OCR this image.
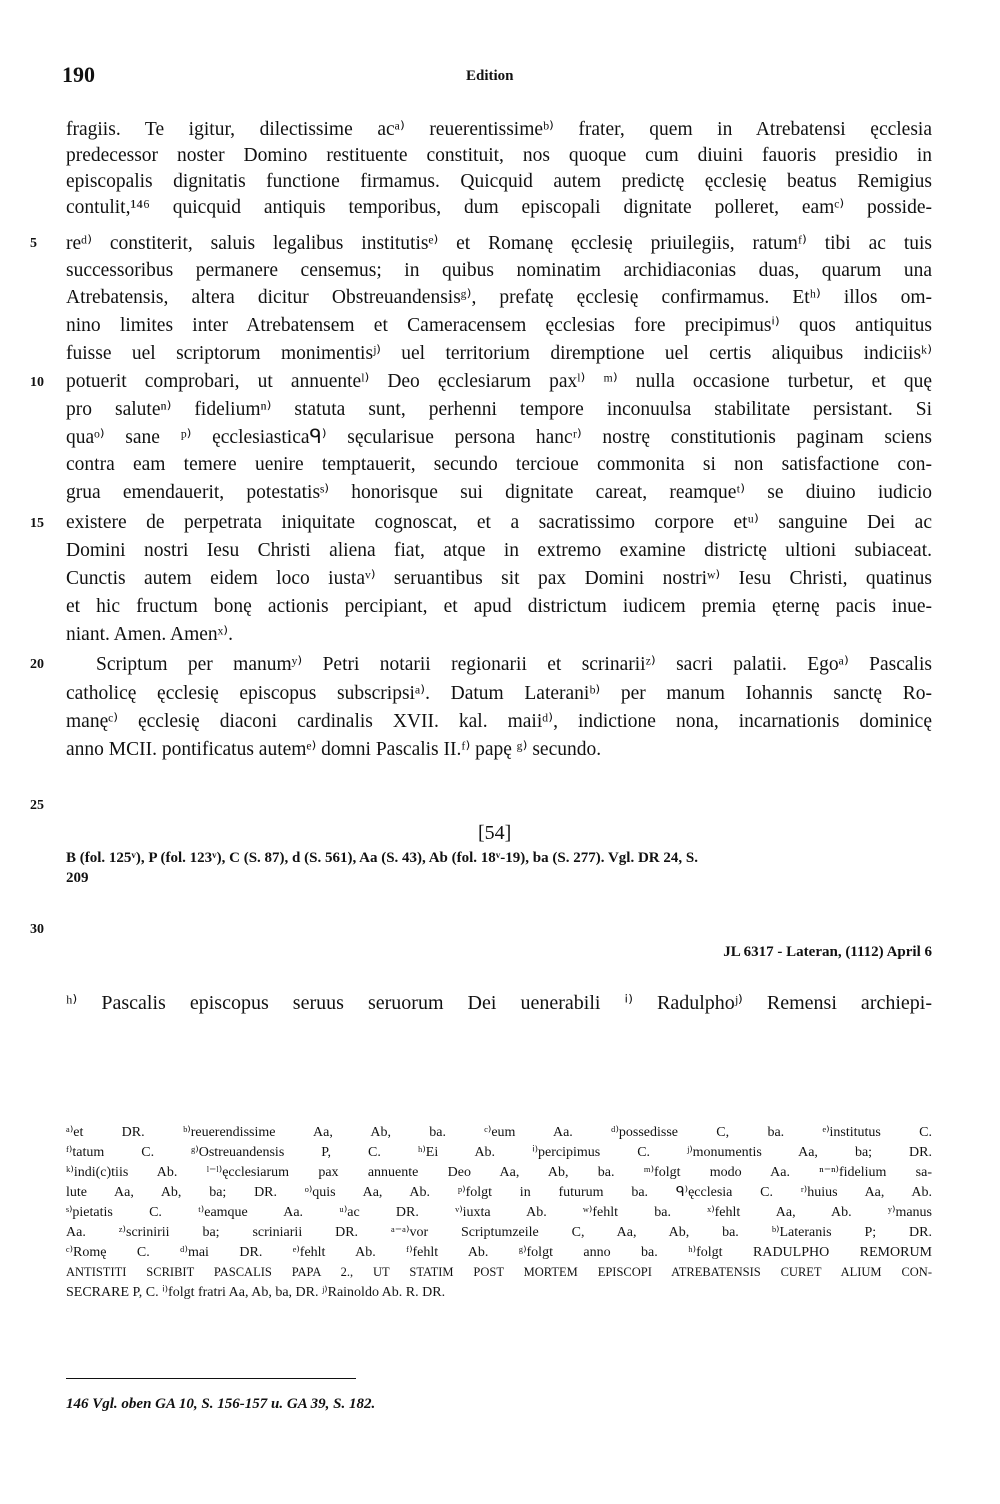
190	Edition
fragiis. Te igitur, dilectissime acᵃ⁾ reuerentissimeᵇ⁾ frater, quem in Atrebatensi ęcclesia
predecessor noster Domino restituente constituit, nos quoque cum diuini fauoris presidio in
episcopalis dignitatis functione firmamus. Quicquid autem predictę ęcclesię beatus Remigius
contulit,¹⁴⁶ quicquid antiquis temporibus, dum episcopali dignitate polleret, eamᶜ⁾ posside-
reᵈ⁾ constiterit, saluis legalibus institutisᵉ⁾ et Romanę ęcclesię priuilegiis, ratumᶠ⁾ tibi ac tuis
successoribus permanere censemus; in quibus nominatim archidiaconias duas, quarum una
Atrebatensis, altera dicitur Obstreuandensisᵍ⁾, prefatę ęcclesię confirmamus. Etʰ⁾ illos om-
nino limites inter Atrebatensem et Cameracensem ęcclesias fore precipimusⁱ⁾ quos antiquitus
fuisse uel scriptorum monimentisʲ⁾ uel territorium diremptione uel certis aliquibus indiciisᵏ⁾
potuerit comprobari, ut annuenteˡ⁾ Deo ęcclesiarum paxˡ⁾ ᵐ⁾ nulla occasione turbetur, et quę
pro saluteⁿ⁾ fideliumⁿ⁾ statuta sunt, perhenni tempore inconuulsa stabilitate persistant. Si
quaᵒ⁾ sane ᵖ⁾ ęcclesiasticaᑫ⁾ sęcularisue persona hancʳ⁾ nostrę constitutionis paginam sciens
contra eam temere uenire temptauerit, secundo tercioue commonita si non satisfactione con-
grua emendauerit, potestatisˢ⁾ honorisque sui dignitate careat, reamqueᵗ⁾ se diuino iudicio
existere de perpetrata iniquitate cognoscat, et a sacratissimo corpore etᵘ⁾ sanguine Dei ac
Domini nostri Iesu Christi aliena fiat, atque in extremo examine districtę ultioni subiaceat.
Cunctis autem eidem loco iustaᵛ⁾ seruantibus sit pax Domini nostriʷ⁾ Iesu Christi, quatinus
et hic fructum bonę actionis percipiant, et apud districtum iudicem premia ęternę pacis inue-
niant. Amen. Amenˣ⁾.
Scriptum per manumʸ⁾ Petri notarii regionarii et scrinariiᶻ⁾ sacri palatii. Egoᵃ⁾ Pascalis
catholicę ęcclesię episcopus subscripsiᵃ⁾. Datum Lateraniᵇ⁾ per manum Iohannis sanctę Ro-
manęᶜ⁾ ęcclesię diaconi cardinalis XVII. kal. maiiᵈ⁾, indictione nona, incarnationis dominicę
anno MCII. pontificatus autemᵉ⁾ domni Pascalis II.ᶠ⁾ papę ᵍ⁾ secundo.
5
10
15
20
25
30
[54]
B (fol. 125ᵛ), P (fol. 123ᵛ), C (S. 87), d (S. 561), Aa (S. 43), Ab (fol. 18ᵛ-19), ba (S. 277). Vgl. DR 24, S.
209
JL 6317 - Lateran, (1112) April 6
ʰ⁾ Pascalis episcopus seruus seruorum Dei uenerabili ⁱ⁾ Radulphoʲ⁾ Remensi archiepi-
ᵃ⁾et DR. ᵇ⁾reuerendissime Aa, Ab, ba. ᶜ⁾eum Aa. ᵈ⁾possedisse C, ba. ᵉ⁾institutus C.
ᶠ⁾tatum C. ᵍ⁾Ostreuandensis P, C. ʰ⁾Ei Ab. ⁱ⁾percipimus C. ʲ⁾monumentis Aa, ba; DR.
ᵏ⁾indi(c)tiis Ab. ˡ⁻ˡ⁾ęcclesiarum pax annuente Deo Aa, Ab, ba. ᵐ⁾folgt modo Aa. ⁿ⁻ⁿ⁾fidelium sa-
lute Aa, Ab, ba; DR. ᵒ⁾quis Aa, Ab. ᵖ⁾folgt in futurum ba. ᑫ⁾ęcclesia C. ʳ⁾huius Aa, Ab.
ˢ⁾pietatis C. ᵗ⁾eamque Aa. ᵘ⁾ac DR. ᵛ⁾iuxta Ab. ʷ⁾fehlt ba. ˣ⁾fehlt Aa, Ab. ʸ⁾manus
Aa. ᶻ⁾scrinirii ba; scriniarii DR. ᵃ⁻ᵃ⁾vor Scriptumzeile C, Aa, Ab, ba. ᵇ⁾Lateranis P; DR.
ᶜ⁾Romę C. ᵈ⁾mai DR. ᵉ⁾fehlt Ab. ᶠ⁾fehlt Ab. ᵍ⁾folgt anno ba. ʰ⁾folgt RADULPHO REMORUM
ANTISTITI SCRIBIT PASCALIS PAPA 2., UT STATIM POST MORTEM EPISCOPI ATREBATENSIS CURET ALIUM CON-
SECRARE P, C. ⁱ⁾folgt fratri Aa, Ab, ba, DR. ʲ⁾Rainoldo Ab. R. DR.
146 Vgl. oben GA 10, S. 156-157 u. GA 39, S. 182.
